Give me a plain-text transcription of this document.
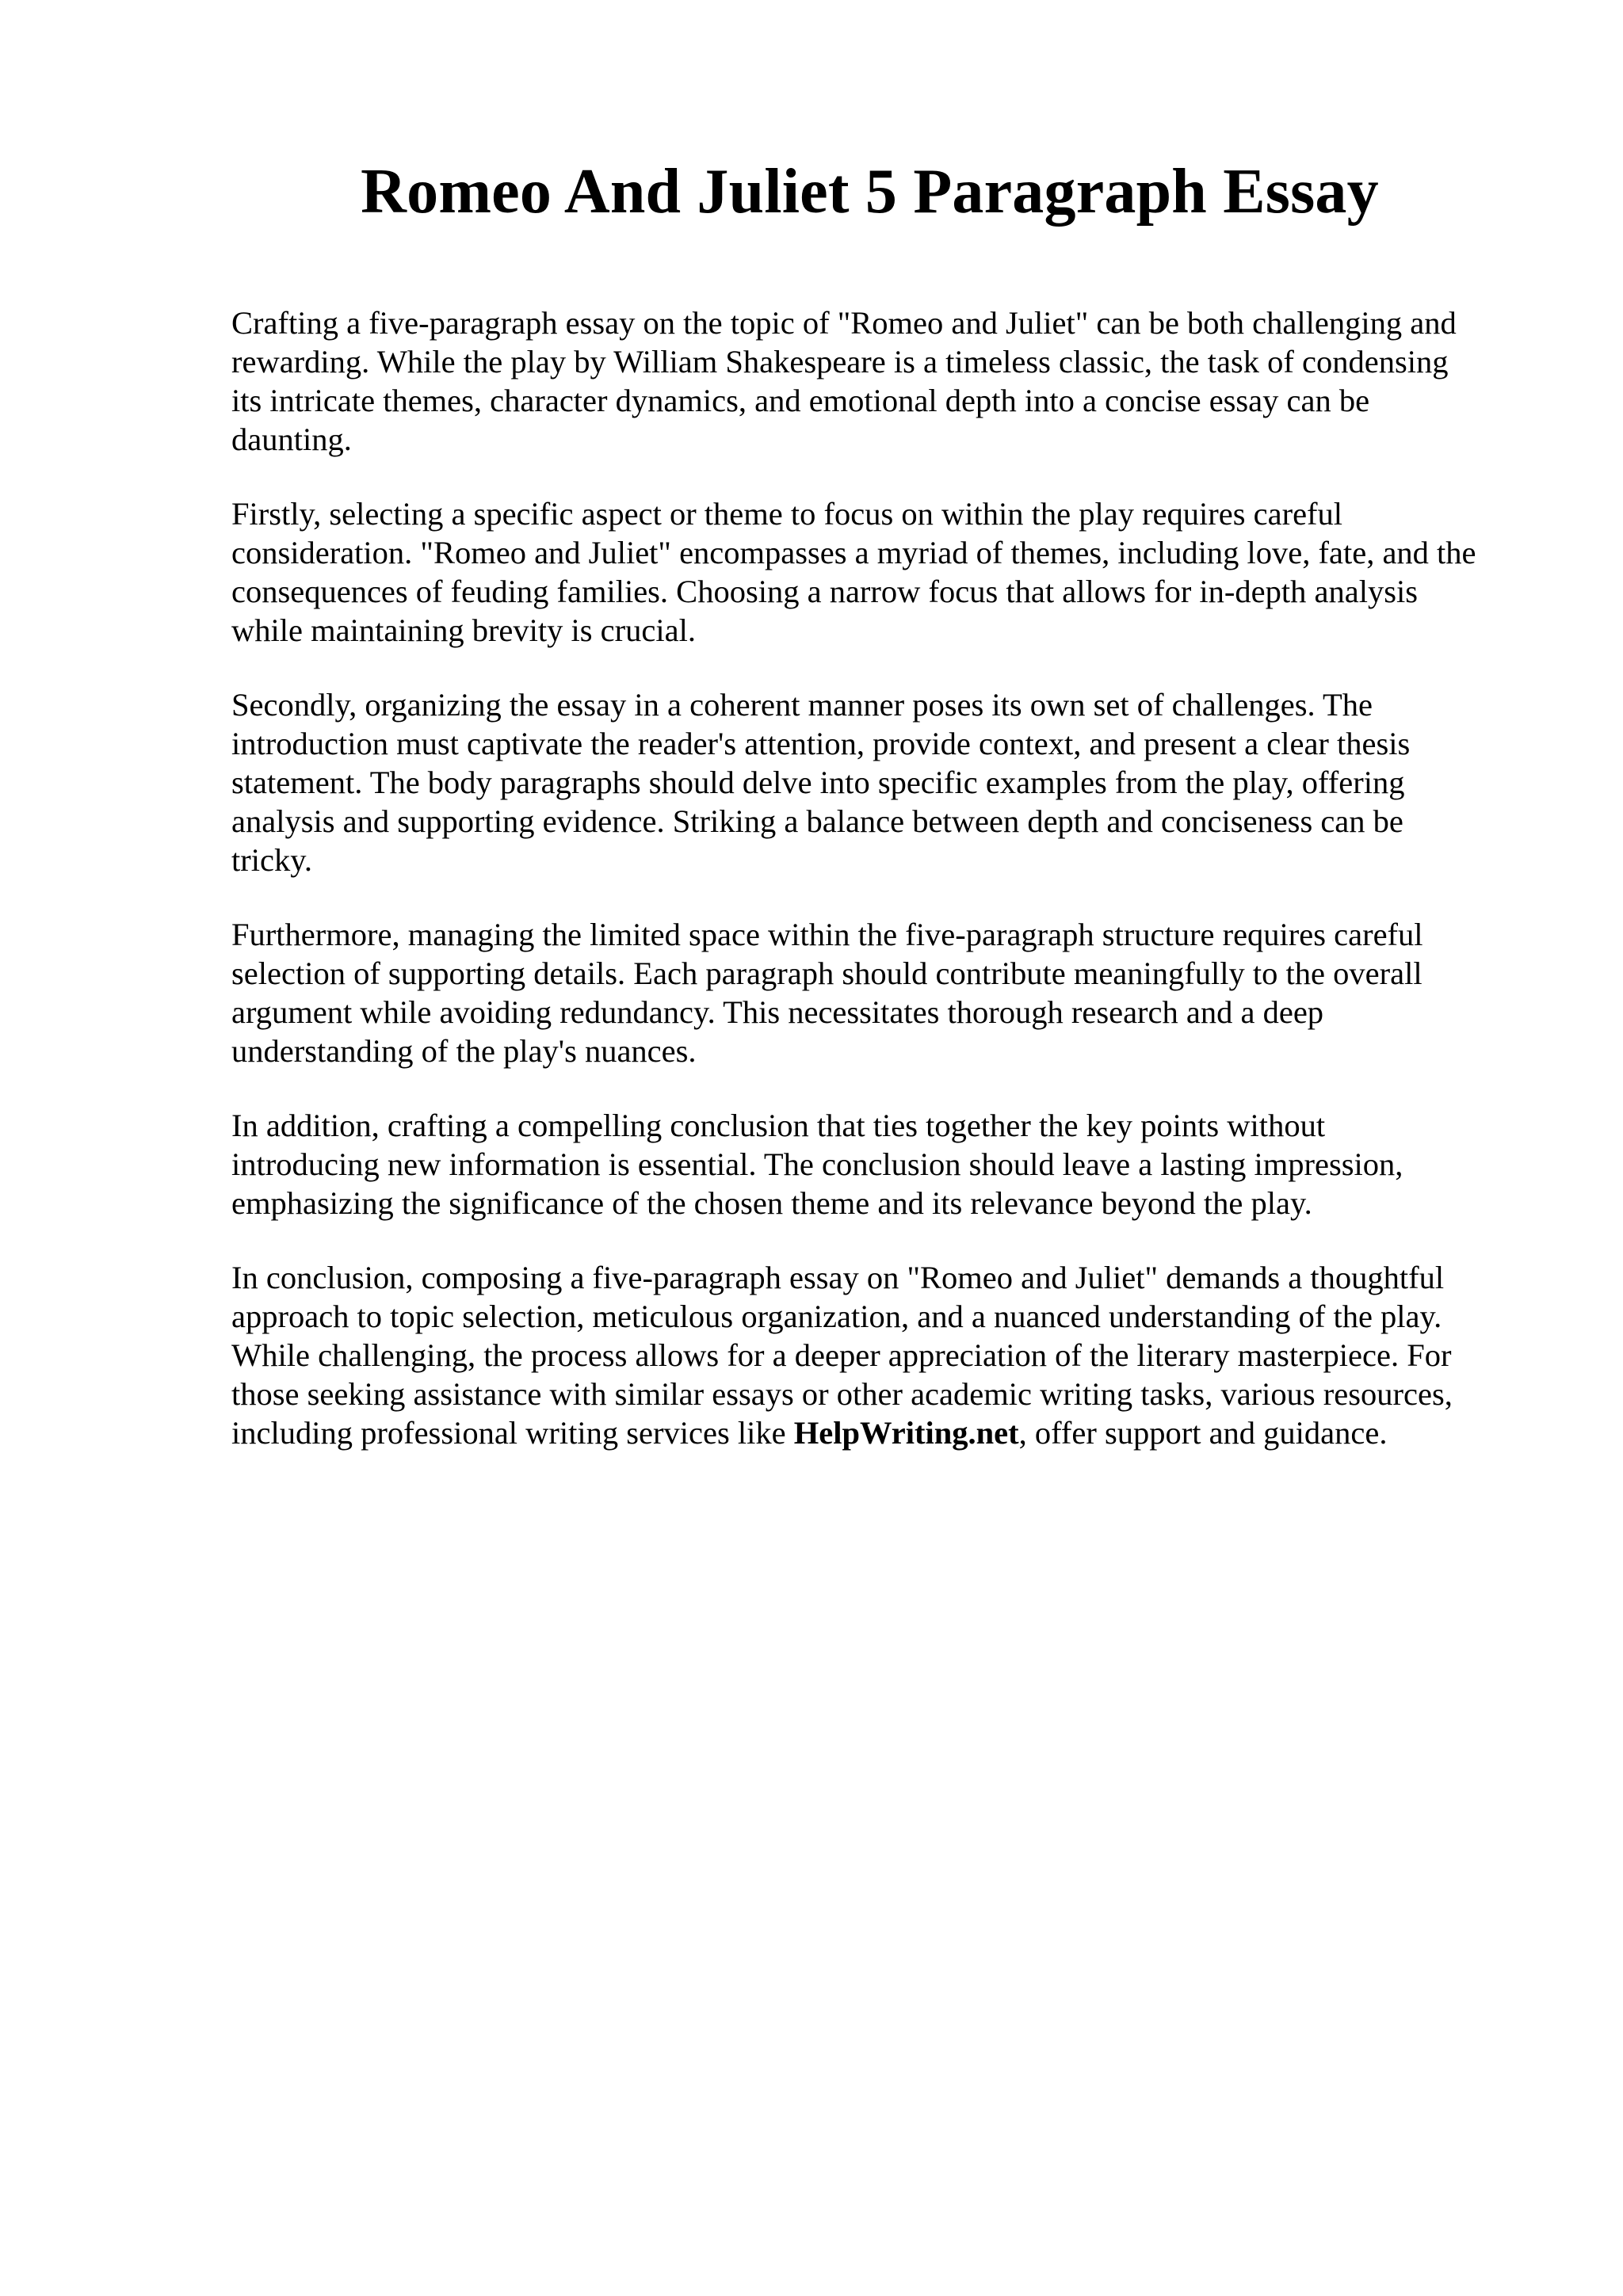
Romeo And Juliet 5 Paragraph Essay

Crafting a five-paragraph essay on the topic of "Romeo and Juliet" can be both challenging and
rewarding. While the play by William Shakespeare is a timeless classic, the task of condensing
its intricate themes, character dynamics, and emotional depth into a concise essay can be
daunting.

Firstly, selecting a specific aspect or theme to focus on within the play requires careful
consideration. "Romeo and Juliet" encompasses a myriad of themes, including love, fate, and the
consequences of feuding families. Choosing a narrow focus that allows for in-depth analysis
while maintaining brevity is crucial.

Secondly, organizing the essay in a coherent manner poses its own set of challenges. The
introduction must captivate the reader's attention, provide context, and present a clear thesis
statement. The body paragraphs should delve into specific examples from the play, offering
analysis and supporting evidence. Striking a balance between depth and conciseness can be
tricky.

Furthermore, managing the limited space within the five-paragraph structure requires careful
selection of supporting details. Each paragraph should contribute meaningfully to the overall
argument while avoiding redundancy. This necessitates thorough research and a deep
understanding of the play's nuances.

In addition, crafting a compelling conclusion that ties together the key points without
introducing new information is essential. The conclusion should leave a lasting impression,
emphasizing the significance of the chosen theme and its relevance beyond the play.

In conclusion, composing a five-paragraph essay on "Romeo and Juliet" demands a thoughtful
approach to topic selection, meticulous organization, and a nuanced understanding of the play.
While challenging, the process allows for a deeper appreciation of the literary masterpiece. For
those seeking assistance with similar essays or other academic writing tasks, various resources,
including professional writing services like HelpWriting.net, offer support and guidance.
